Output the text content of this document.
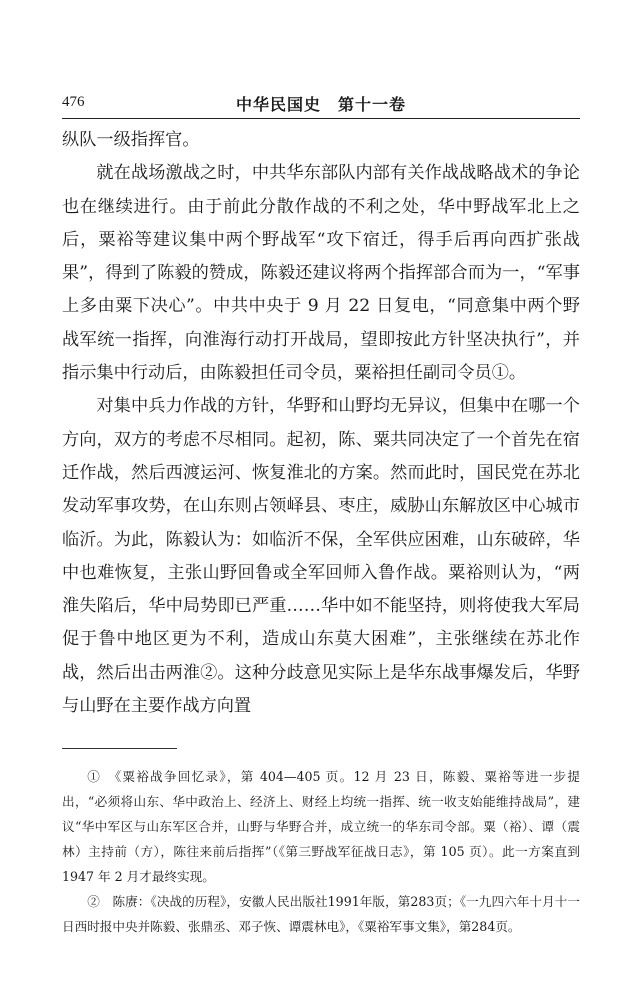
476	中华民国史　第十一卷

纵队一级指挥官。

就在战场激战之时，中共华东部队内部有关作战战略战术的争论也在继续进行。由于前此分散作战的不利之处，华中野战军北上之后，粟裕等建议集中两个野战军“攻下宿迁，得手后再向西扩张战果”，得到了陈毅的赞成，陈毅还建议将两个指挥部合而为一，“军事上多由粟下决心”。中共中央于 9 月 22 日复电，“同意集中两个野战军统一指挥，向淮海行动打开战局，望即按此方针坚决执行”，并指示集中行动后，由陈毅担任司令员，粟裕担任副司令员①。

对集中兵力作战的方针，华野和山野均无异议，但集中在哪一个方向，双方的考虑不尽相同。起初，陈、粟共同决定了一个首先在宿迁作战，然后西渡运河、恢复淮北的方案。然而此时，国民党在苏北发动军事攻势，在山东则占领峄县、枣庄，威胁山东解放区中心城市临沂。为此，陈毅认为：如临沂不保，全军供应困难，山东破碎，华中也难恢复，主张山野回鲁或全军回师入鲁作战。粟裕则认为，“两淮失陷后，华中局势即已严重……华中如不能坚持，则将使我大军局促于鲁中地区更为不利，造成山东莫大困难”，主张继续在苏北作战，然后出击两淮②。这种分歧意见实际上是华东战事爆发后，华野与山野在主要作战方向置

①　《粟裕战争回忆录》，第 404—405 页。12 月 23 日，陈毅、粟裕等进一步提出，“必须将山东、华中政治上、经济上、财经上均统一指挥、统一收支始能维持战局”，建议“华中军区与山东军区合并，山野与华野合并，成立统一的华东司令部。粟（裕）、谭（震林）主持前（方），陈往来前后指挥”（《第三野战军征战日志》，第 105 页）。此一方案直到 1947 年 2 月才最终实现。

②　陈赓：《决战的历程》，安徽人民出版社1991年版，第283页；《一九四六年十月十一日西时报中央并陈毅、张鼎丞、邓子恢、谭震林电》，《粟裕军事文集》，第284页。
